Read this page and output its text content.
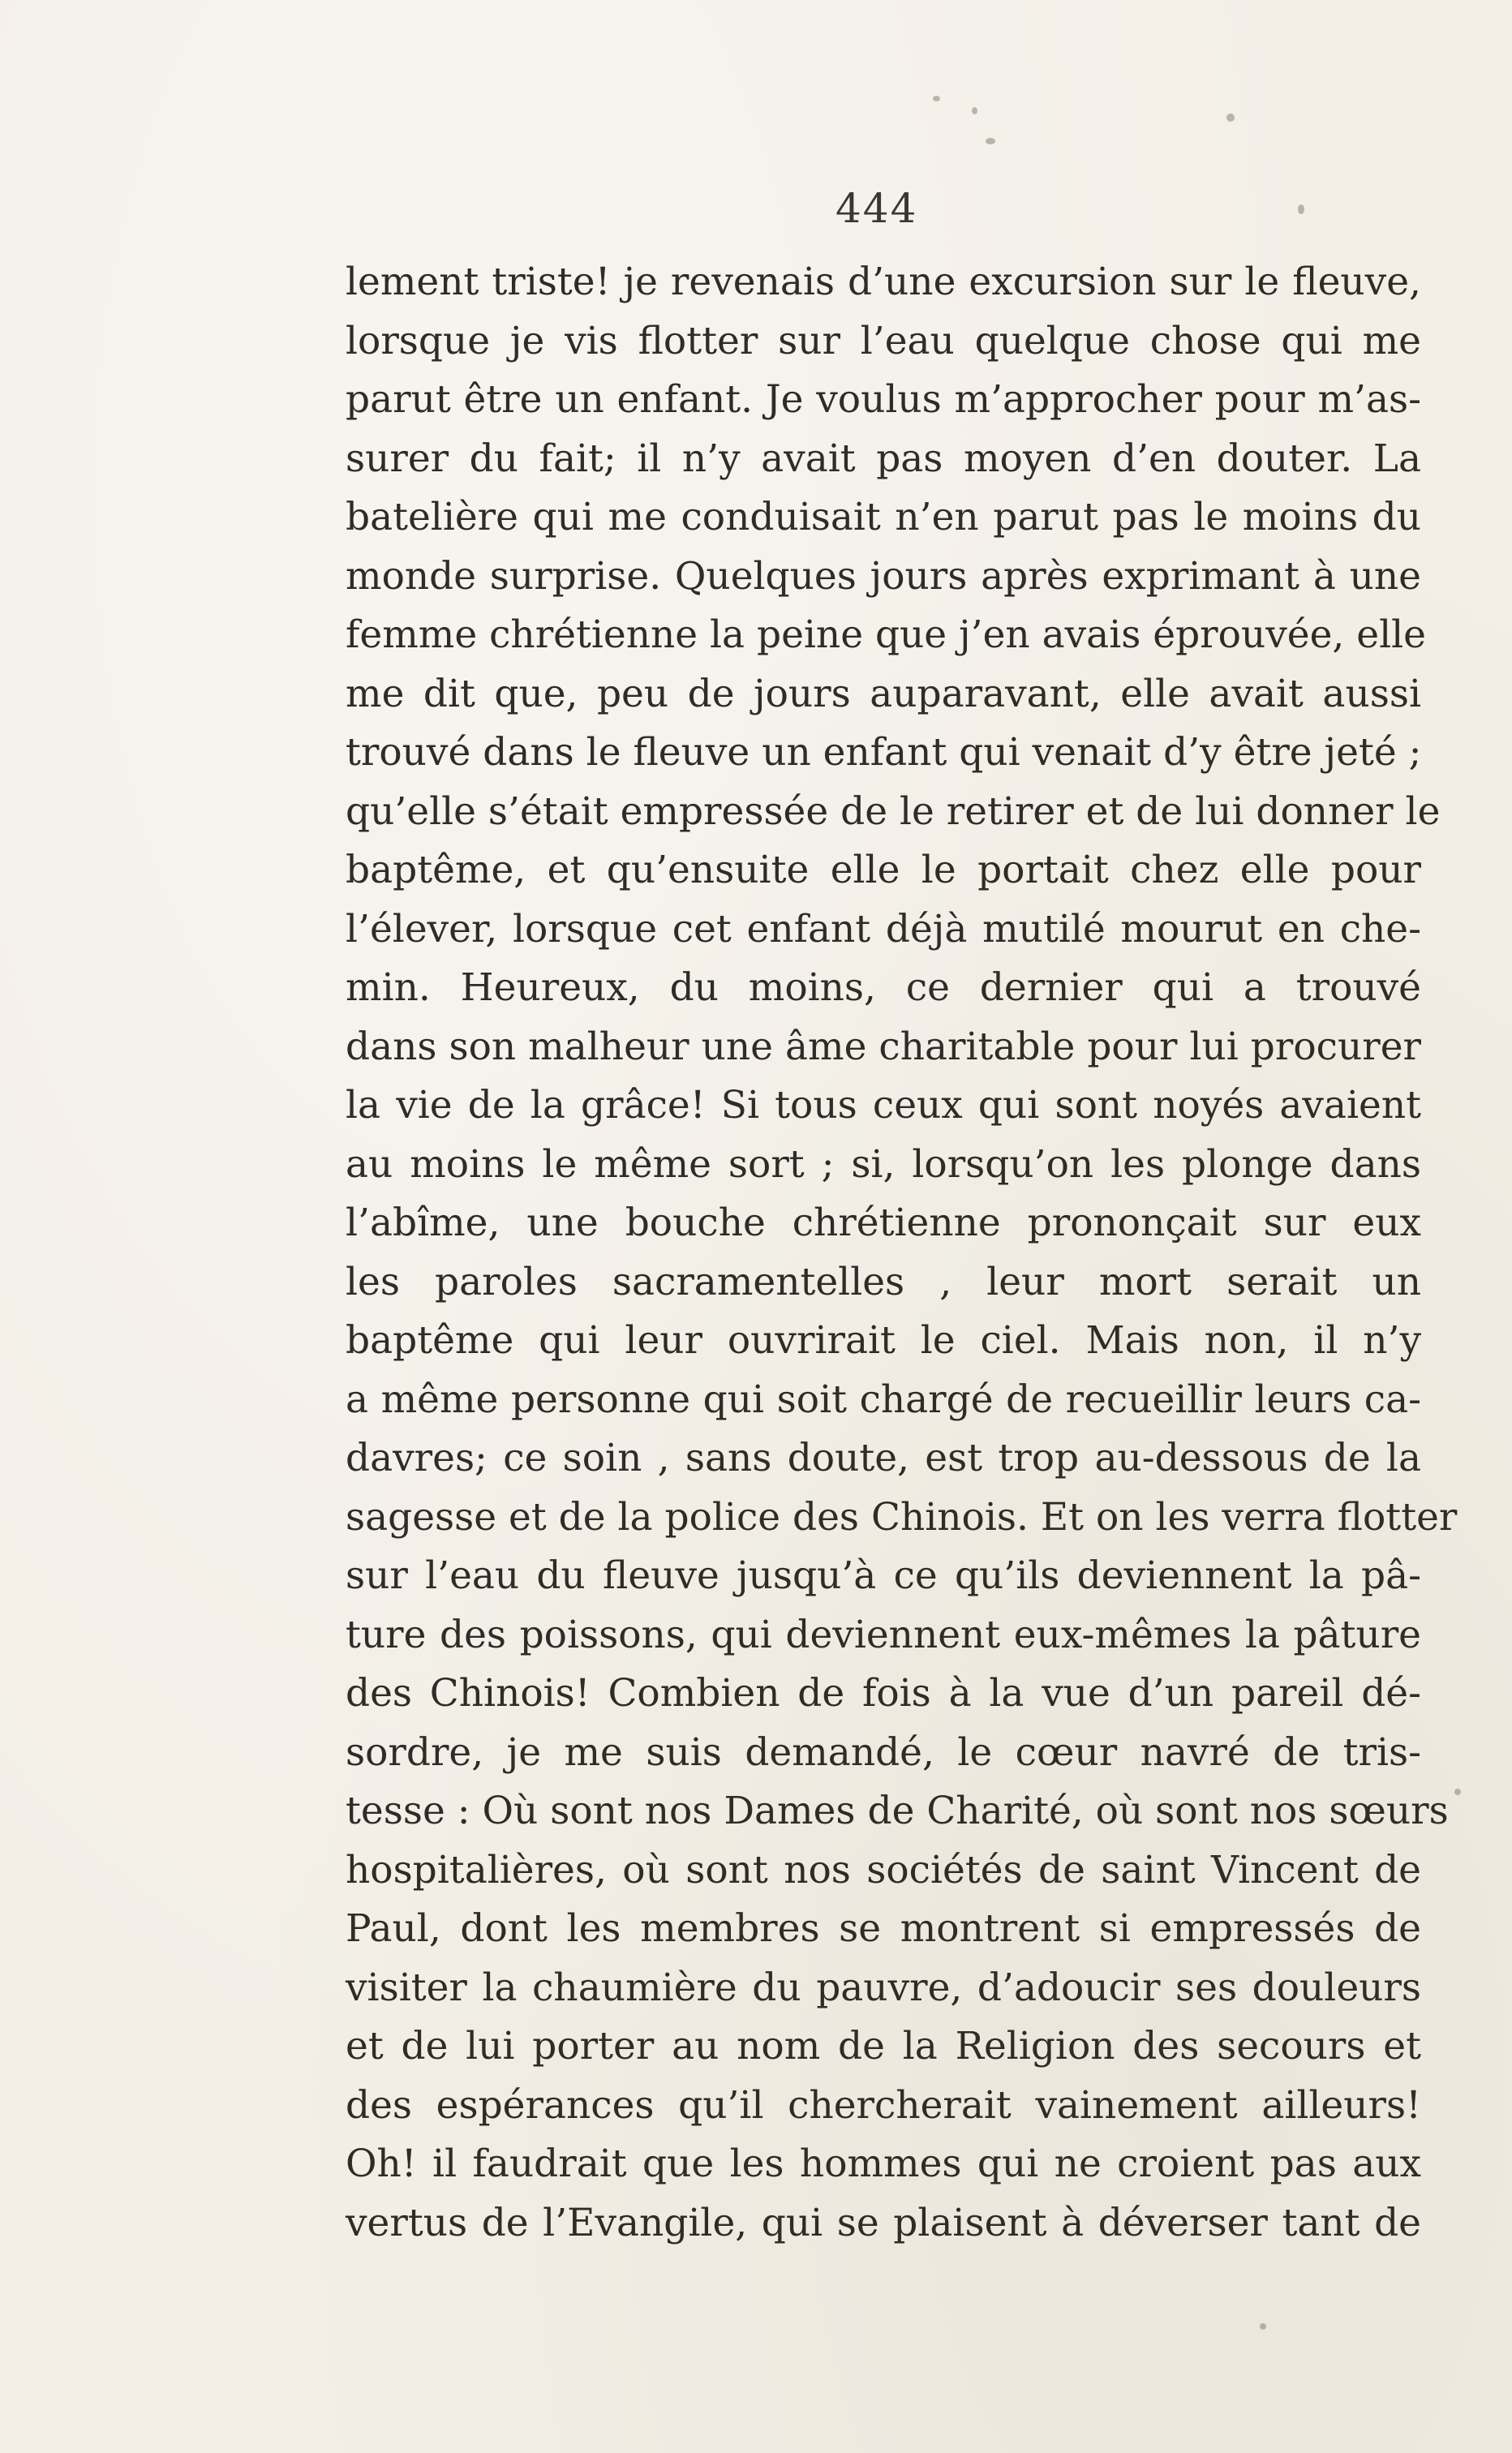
444
lement triste! je revenais d’une excursion sur le fleuve,
lorsque je vis flotter sur l’eau quelque chose qui me
parut être un enfant. Je voulus m’approcher pour m’as-
surer du fait; il n’y avait pas moyen d’en douter. La
batelière qui me conduisait n’en parut pas le moins du
monde surprise. Quelques jours après exprimant à une
femme chrétienne la peine que j’en avais éprouvée, elle
me dit que, peu de jours auparavant, elle avait aussi
trouvé dans le fleuve un enfant qui venait d’y être jeté ;
qu’elle s’était empressée de le retirer et de lui donner le
baptême, et qu’ensuite elle le portait chez elle pour
l’élever, lorsque cet enfant déjà mutilé mourut en che-
min. Heureux, du moins, ce dernier qui a trouvé
dans son malheur une âme charitable pour lui procurer
la vie de la grâce! Si tous ceux qui sont noyés avaient
au moins le même sort ; si, lorsqu’on les plonge dans
l’abîme, une bouche chrétienne prononçait sur eux
les paroles sacramentelles , leur mort serait un
baptême qui leur ouvrirait le ciel. Mais non, il n’y
a même personne qui soit chargé de recueillir leurs ca-
davres; ce soin , sans doute, est trop au-dessous de la
sagesse et de la police des Chinois. Et on les verra flotter
sur l’eau du fleuve jusqu’à ce qu’ils deviennent la pâ-
ture des poissons, qui deviennent eux-mêmes la pâture
des Chinois! Combien de fois à la vue d’un pareil dé-
sordre, je me suis demandé, le cœur navré de tris-
tesse : Où sont nos Dames de Charité, où sont nos sœurs
hospitalières, où sont nos sociétés de saint Vincent de
Paul, dont les membres se montrent si empressés de
visiter la chaumière du pauvre, d’adoucir ses douleurs
et de lui porter au nom de la Religion des secours et
des espérances qu’il chercherait vainement ailleurs!
Oh! il faudrait que les hommes qui ne croient pas aux
vertus de l’Evangile, qui se plaisent à déverser tant de
